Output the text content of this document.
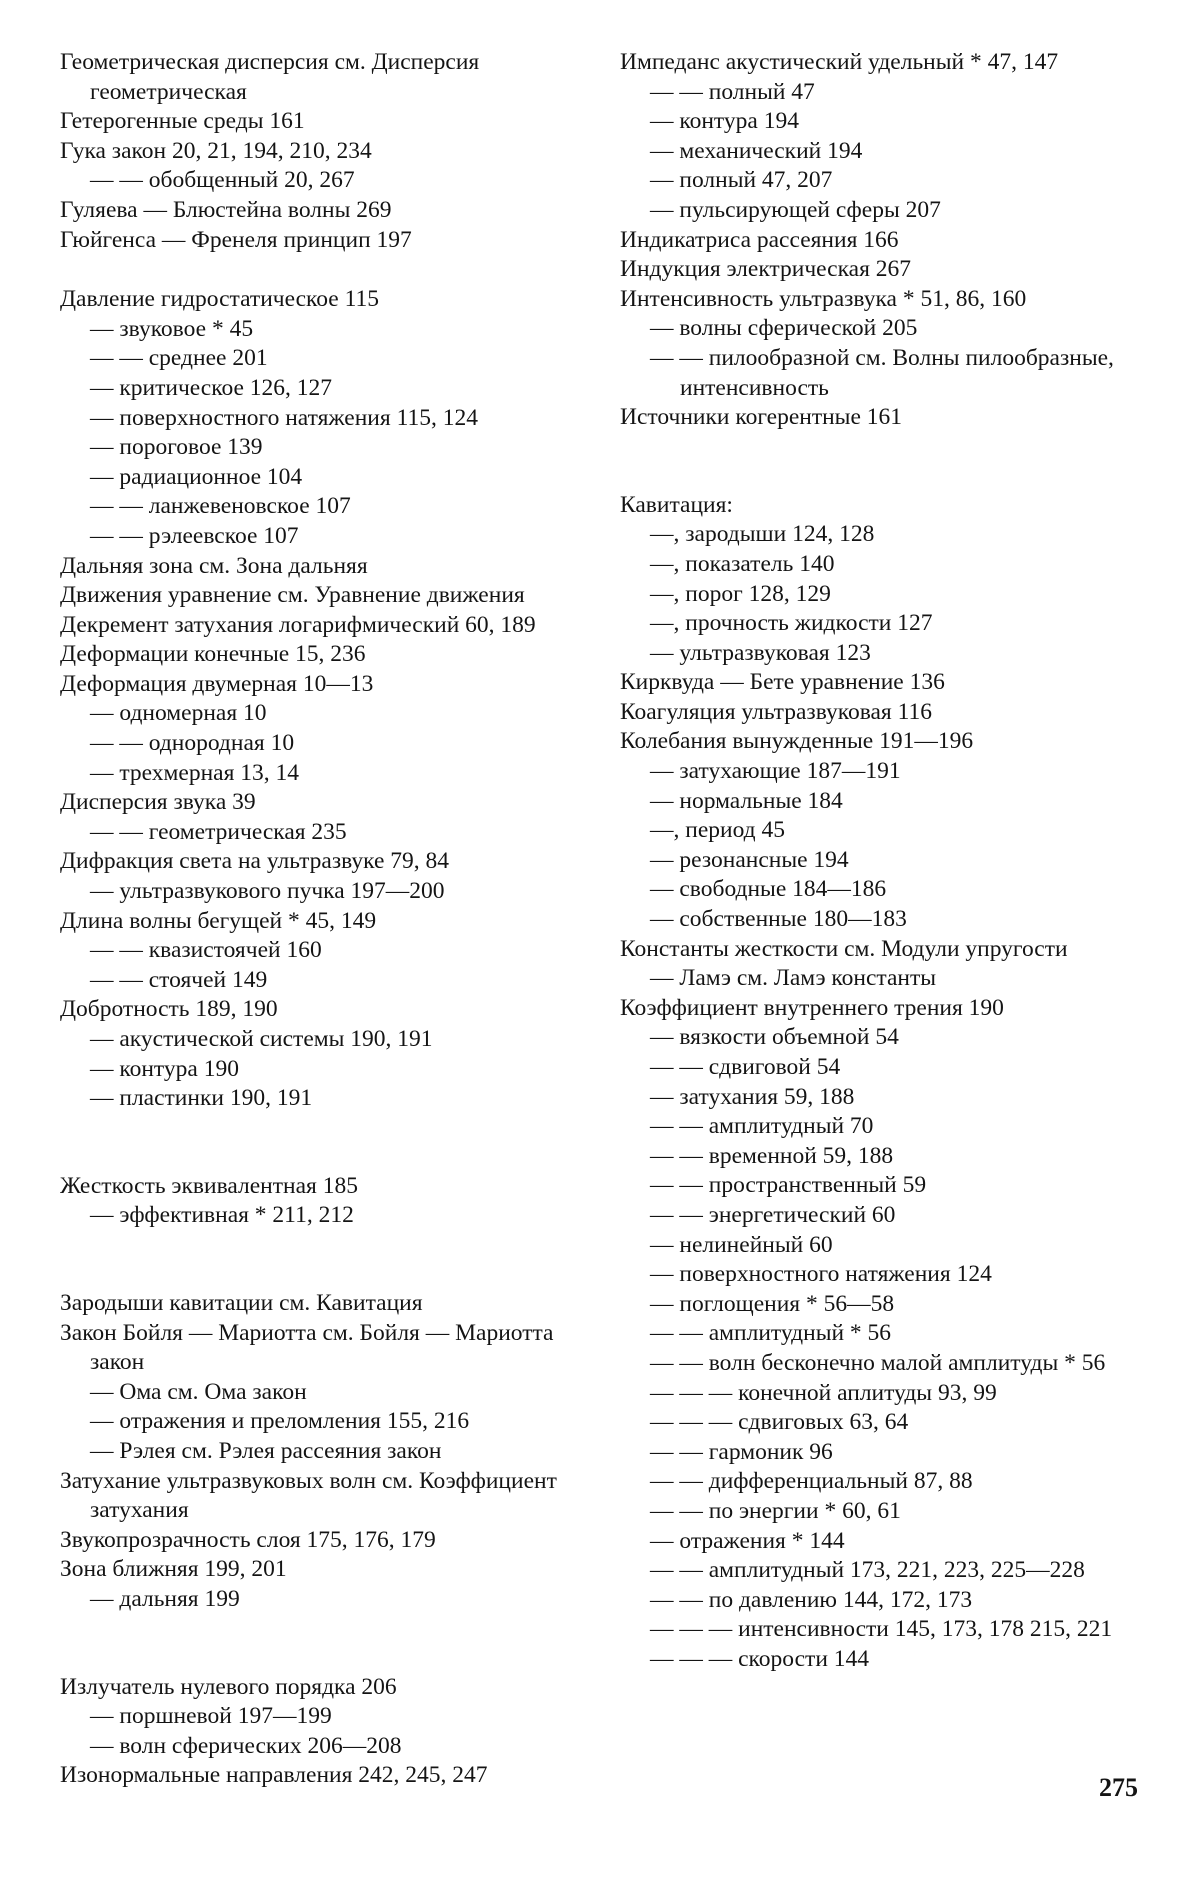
Геометрическая дисперсия см. Дисперсия геометрическая

Гетерогенные среды 161

Гука закон 20, 21, 194, 210, 234

— — обобщенный 20, 267

Гуляева — Блюстейна волны 269

Гюйгенса — Френеля принцип 197

Давление гидростатическое 115

— звуковое * 45

— — среднее 201

— критическое 126, 127

— поверхностного натяжения 115, 124

— пороговое 139

— радиационное 104

— — ланжевеновское 107

— — рэлеевское 107

Дальняя зона см. Зона дальняя

Движения уравнение см. Уравнение движения

Декремент затухания логарифмический 60, 189

Деформации конечные 15, 236

Деформация двумерная 10—13

— одномерная 10

— — однородная 10

— трехмерная 13, 14

Дисперсия звука 39

— — геометрическая 235

Дифракция света на ультразвуке 79, 84

— ультразвукового пучка 197—200

Длина волны бегущей * 45, 149

— — квазистоячей 160

— — стоячей 149

Добротность 189, 190

— акустической системы 190, 191

— контура 190

— пластинки 190, 191

Жесткость эквивалентная 185

— эффективная * 211, 212

Зародыши кавитации см. Кавитация

Закон Бойля — Мариотта см. Бойля — Мариотта закон

— Ома см. Ома закон

— отражения и преломления 155, 216

— Рэлея см. Рэлея рассеяния закон

Затухание ультразвуковых волн см. Коэффициент затухания

Звукопрозрачность слоя 175, 176, 179

Зона ближняя 199, 201

— дальняя 199

Излучатель нулевого порядка 206

— поршневой 197—199

— волн сферических 206—208

Изонормальные направления 242, 245, 247

Импеданс акустический удельный * 47, 147

— — полный 47

— контура 194

— механический 194

— полный 47, 207

— пульсирующей сферы 207

Индикатриса рассеяния 166

Индукция электрическая 267

Интенсивность ультразвука * 51, 86, 160

— волны сферической 205

— — пилообразной см. Волны пилообразные, интенсивность

Источники когерентные 161

Кавитация:

—, зародыши 124, 128

—, показатель 140

—, порог 128, 129

—, прочность жидкости 127

— ультразвуковая 123

Кирквуда — Бете уравнение 136

Коагуляция ультразвуковая 116

Колебания вынужденные 191—196

— затухающие 187—191

— нормальные 184

—, период 45

— резонансные 194

— свободные 184—186

— собственные 180—183

Константы жесткости см. Модули упругости

— Ламэ см. Ламэ константы

Коэффициент внутреннего трения 190

— вязкости объемной 54

— — сдвиговой 54

— затухания 59, 188

— — амплитудный 70

— — временной 59, 188

— — пространственный 59

— — энергетический 60

— нелинейный 60

— поверхностного натяжения 124

— поглощения * 56—58

— — амплитудный * 56

— — волн бесконечно малой амплитуды * 56

— — — конечной аплитуды 93, 99

— — — сдвиговых 63, 64

— — гармоник 96

— — дифференциальный 87, 88

— — по энергии * 60, 61

— отражения * 144

— — амплитудный 173, 221, 223, 225—228

— — по давлению 144, 172, 173

— — — интенсивности 145, 173, 178 215, 221

— — — скорости 144

275
